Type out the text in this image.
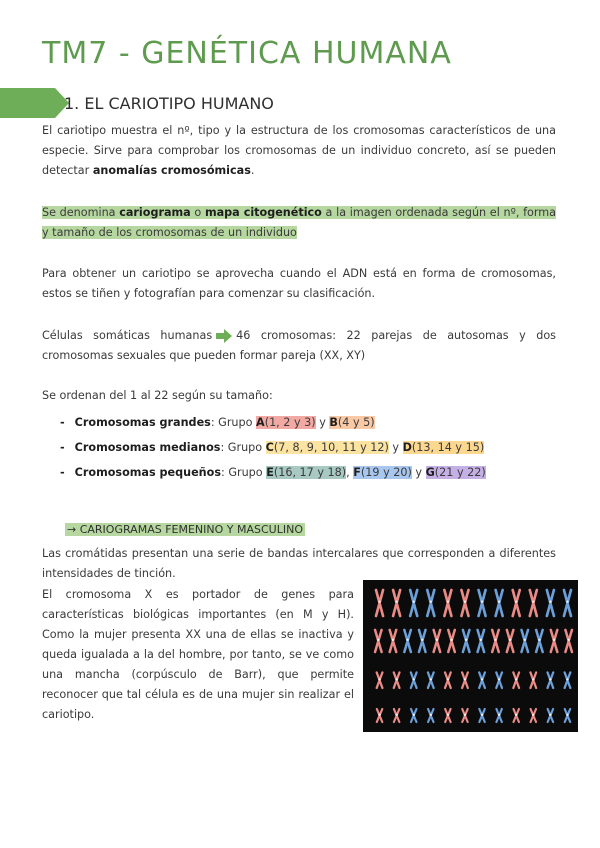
TM7 - GENÉTICA HUMANA
1. EL CARIOTIPO HUMANO

El cariotipo muestra el nº, tipo y la estructura de los cromosomas característicos de una especie. Sirve para comprobar los cromosomas de un individuo concreto, así se pueden detectar anomalías cromosómicas.

Se denomina cariograma o mapa citogenético a la imagen ordenada según el nº, forma y tamaño de los cromosomas de un individuo

Para obtener un cariotipo se aprovecha cuando el ADN está en forma de cromosomas, estos se tiñen y fotografían para comenzar su clasificación.

Células somáticas humanas 46 cromosomas: 22 parejas de autosomas y dos cromosomas sexuales que pueden formar pareja (XX, XY)

Se ordenan del 1 al 22 según su tamaño:

- Cromosomas grandes: Grupo A(1, 2 y 3) y B(4 y 5)
- Cromosomas medianos: Grupo C(7, 8, 9, 10, 11 y 12) y D(13, 14 y 15)
- Cromosomas pequeños: Grupo E(16, 17 y 18), F(19 y 20) y G(21 y 22)
→ CARIOGRAMAS FEMENINO Y MASCULINO

Las cromátidas presentan una serie de bandas intercalares que corresponden a diferentes intensidades de tinción.

El cromosoma X es portador de genes para características biológicas importantes (en M y H). Como la mujer presenta XX una de ellas se inactiva y queda igualada a la del hombre, por tanto, se ve como una mancha (corpúsculo de Barr), que permite reconocer que tal célula es de una mujer sin realizar el cariotipo.
